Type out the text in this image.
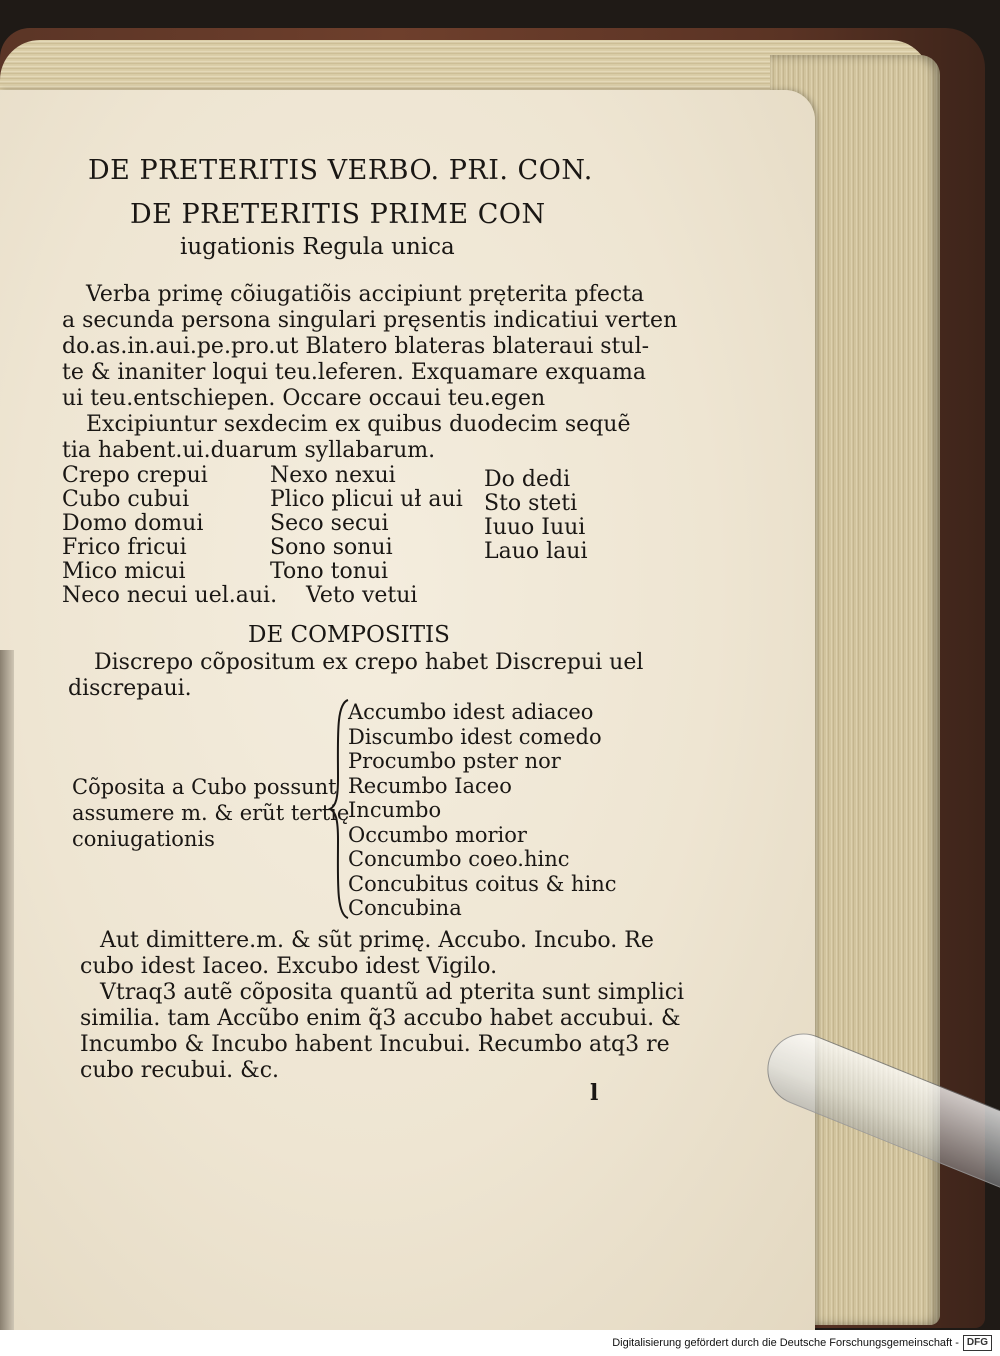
DE PRETERITIS VERBO. PRI. CON.
DE PRETERITIS PRIME CON
iugationis Regula unica
Verba primę cõiugatiõis accipiunt pręterita pfecta
a secunda persona singulari pręsentis indicatiui verten
do.as.in.aui.pe.pro.ut Blatero blateras blateraui stul-
te & inaniter loqui teu.leferen. Exquamare exquama
ui teu.entschiepen. Occare occaui teu.egen
Excipiuntur sexdecim ex quibus duodecim sequẽ
tia habent.ui.duarum syllabarum.
Crepo crepui
Cubo cubui
Domo domui
Frico fricui
Mico micui
Neco necui uel.aui.
Nexo nexui
Plico plicui uł aui
Seco secui
Sono sonui
Tono tonui
Veto vetui
Do dedi
Sto steti
Iuuo Iuui
Lauo laui
DE COMPOSITIS
Discrepo cõpositum ex crepo habet Discrepui uel
discrepaui.
Cõposita a Cubo possunt
assumere m. & erũt tertię
coniugationis
Accumbo idest adiaceo
Discumbo idest comedo
Procumbo pster nor
Recumbo Iaceo
Incumbo
Occumbo morior
Concumbo coeo.hinc
Concubitus coitus & hinc
Concubina
Aut dimittere.m. & sũt primę. Accubo. Incubo. Re
cubo idest Iaceo. Excubo idest Vigilo.
Vtraq3 autẽ cõposita quantũ ad pterita sunt simplici
similia. tam Accũbo enim q̃3 accubo habet accubui. &
Incumbo & Incubo habent Incubui. Recumbo atq3 re
cubo recubui. &c.
l
Digitalisierung gefördert durch die Deutsche Forschungsgemeinschaft - DFG
